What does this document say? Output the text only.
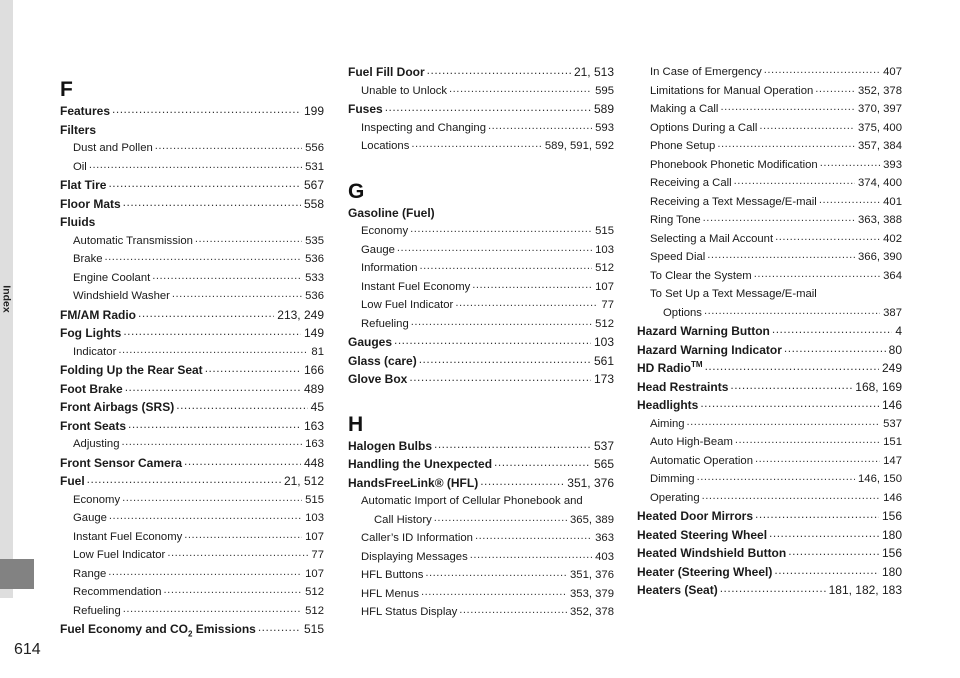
Index
614
F
Features .....	199
Filters
Dust and Pollen .....	556
Oil .....	531
Flat Tire .....	567
Floor Mats .....	558
Fluids
Automatic Transmission .....	535
Brake .....	536
Engine Coolant .....	533
Windshield Washer .....	536
FM/AM Radio .....	213, 249
Fog Lights .....	149
Indicator .....	81
Folding Up the Rear Seat .....	166
Foot Brake .....	489
Front Airbags (SRS) .....	45
Front Seats .....	163
Adjusting .....	163
Front Sensor Camera .....	448
Fuel .....	21, 512
Economy .....	515
Gauge .....	103
Instant Fuel Economy .....	107
Low Fuel Indicator .....	77
Range .....	107
Recommendation .....	512
Refueling .....	512
Fuel Economy and $CO_2$ Emissions .....	515
Fuel Fill Door .....	21, 513
Unable to Unlock .....	595
Fuses .....	589
Inspecting and Changing .....	593
Locations .....	589, 591, 592
G
Gasoline (Fuel)
Economy .....	515
Gauge .....	103
Information .....	512
Instant Fuel Economy .....	107
Low Fuel Indicator .....	77
Refueling .....	512
Gauges .....	103
Glass (care) .....	561
Glove Box .....	173
H
Halogen Bulbs .....	537
Handling the Unexpected .....	565
HandsFreeLink® (HFL) .....	351, 376
Automatic Import of Cellular Phonebook and
Call History .....	365, 389
Caller’s ID Information .....	363
Displaying Messages .....	403
HFL Buttons .....	351, 376
HFL Menus .....	353, 379
HFL Status Display .....	352, 378
In Case of Emergency .....	407
Limitations for Manual Operation .....	352, 378
Making a Call .....	370, 397
Options During a Call .....	375, 400
Phone Setup .....	357, 384
Phonebook Phonetic Modification .....	393
Receiving a Call .....	374, 400
Receiving a Text Message/E-mail .....	401
Ring Tone .....	363, 388
Selecting a Mail Account .....	402
Speed Dial .....	366, 390
To Clear the System .....	364
To Set Up a Text Message/E-mail
Options .....	387
Hazard Warning Button .....	4
Hazard Warning Indicator .....	80
HD Radio™ .....	249
Head Restraints .....	168, 169
Headlights .....	146
Aiming .....	537
Auto High-Beam .....	151
Automatic Operation .....	147
Dimming .....	146, 150
Operating .....	146
Heated Door Mirrors .....	156
Heated Steering Wheel .....	180
Heated Windshield Button .....	156
Heater (Steering Wheel) .....	180
Heaters (Seat) .....	181, 182, 183
